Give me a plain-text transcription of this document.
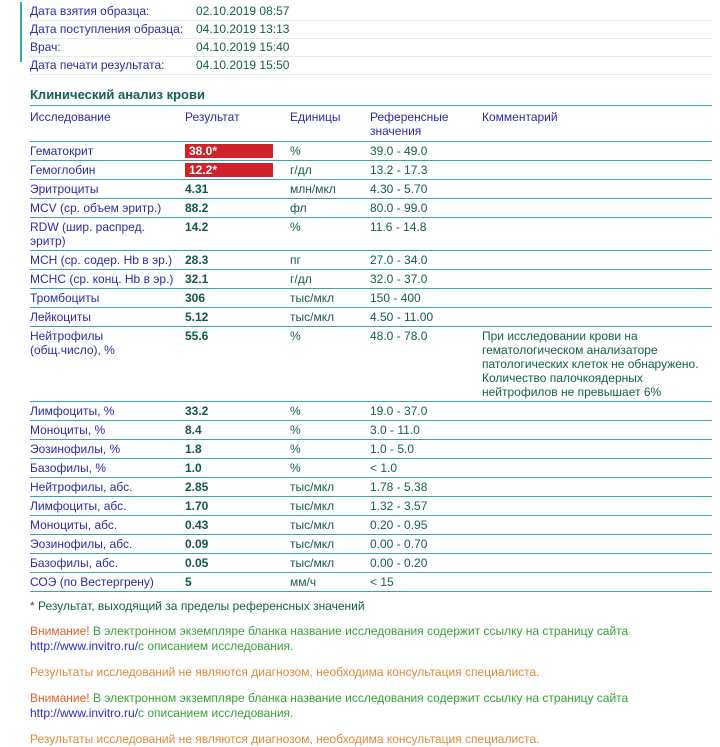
Дата взятия образца:	02.10.2019 08:57
Дата поступления образца:	04.10.2019 13:13
Врач:	04.10.2019 15:40
Дата печати результата:	04.10.2019 15:50
Клинический анализ крови
Исследование	Результат	Единицы	Референсные значения	Комментарий
Гематокрит	38.0*	%	39.0 - 49.0	
Гемоглобин	12.2*	г/дл	13.2 - 17.3	
Эритроциты	4.31	млн/мкл	4.30 - 5.70	
MCV (ср. объем эритр.)	88.2	фл	80.0 - 99.0	
RDW (шир. распред. эритр)	14.2	%	11.6 - 14.8	
MCH (ср. содер. Hb в эр.)	28.3	пг	27.0 - 34.0	
MCHC (ср. конц. Hb в эр.)	32.1	г/дл	32.0 - 37.0	
Тромбоциты	306	тыс/мкл	150 - 400	
Лейкоциты	5.12	тыс/мкл	4.50 - 11.00	
Нейтрофилы (общ.число), %	55.6	%	48.0 - 78.0	При исследовании крови на гематологическом анализаторе патологических клеток не обнаружено. Количество палочкоядерных нейтрофилов не превышает 6%
Лимфоциты, %	33.2	%	19.0 - 37.0	
Моноциты, %	8.4	%	3.0 - 11.0	
Эозинофилы, %	1.8	%	1.0 - 5.0	
Базофилы, %	1.0	%	< 1.0	
Нейтрофилы, абс.	2.85	тыс/мкл	1.78 - 5.38	
Лимфоциты, абс.	1.70	тыс/мкл	1.32 - 3.57	
Моноциты, абс.	0.43	тыс/мкл	0.20 - 0.95	
Эозинофилы, абс.	0.09	тыс/мкл	0.00 - 0.70	
Базофилы, абс.	0.05	тыс/мкл	0.00 - 0.20	
СОЭ (по Вестергрену)	5	мм/ч	< 15	
* Результат, выходящий за пределы референсных значений
Внимание! В электронном экземпляре бланка название исследования содержит ссылку на страницу сайта http://www.invitro.ru/с описанием исследования.
Результаты исследований не являются диагнозом, необходима консультация специалиста.
Внимание! В электронном экземпляре бланка название исследования содержит ссылку на страницу сайта http://www.invitro.ru/с описанием исследования.
Результаты исследований не являются диагнозом, необходима консультация специалиста.
